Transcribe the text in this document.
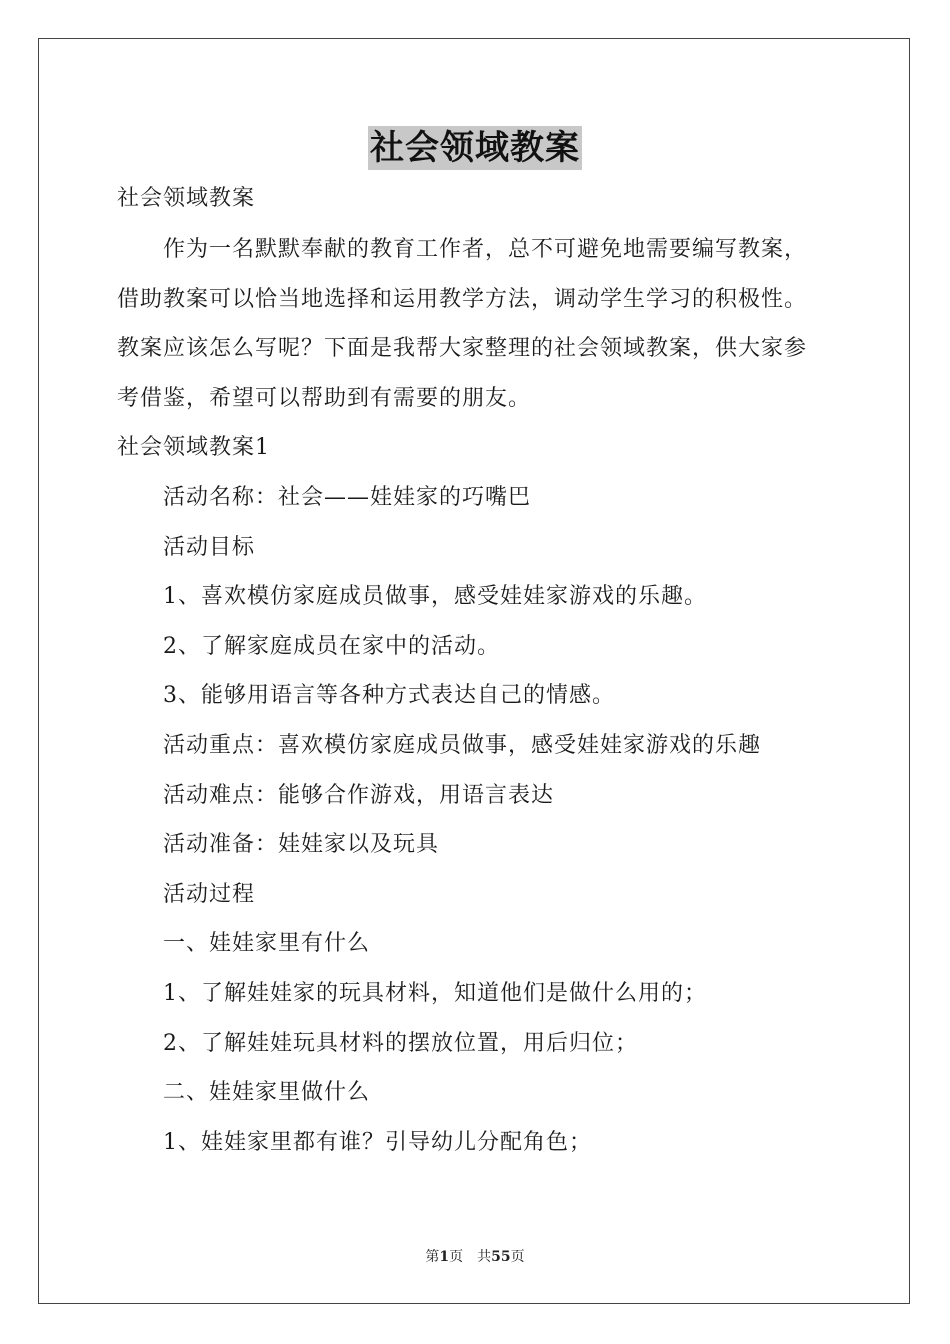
社会领域教案
社会领域教案
作为一名默默奉献的教育工作者，总不可避免地需要编写教案，
借助教案可以恰当地选择和运用教学方法，调动学生学习的积极性。
教案应该怎么写呢？下面是我帮大家整理的社会领域教案，供大家参
考借鉴，希望可以帮助到有需要的朋友。
社会领域教案1
活动名称：社会——娃娃家的巧嘴巴
活动目标
1、喜欢模仿家庭成员做事，感受娃娃家游戏的乐趣。
2、了解家庭成员在家中的活动。
3、能够用语言等各种方式表达自己的情感。
活动重点：喜欢模仿家庭成员做事，感受娃娃家游戏的乐趣
活动难点：能够合作游戏，用语言表达
活动准备：娃娃家以及玩具
活动过程
一、娃娃家里有什么
1、了解娃娃家的玩具材料，知道他们是做什么用的；
2、了解娃娃玩具材料的摆放位置，用后归位；
二、娃娃家里做什么
1、娃娃家里都有谁？引导幼儿分配角色；
第1页　共55页
